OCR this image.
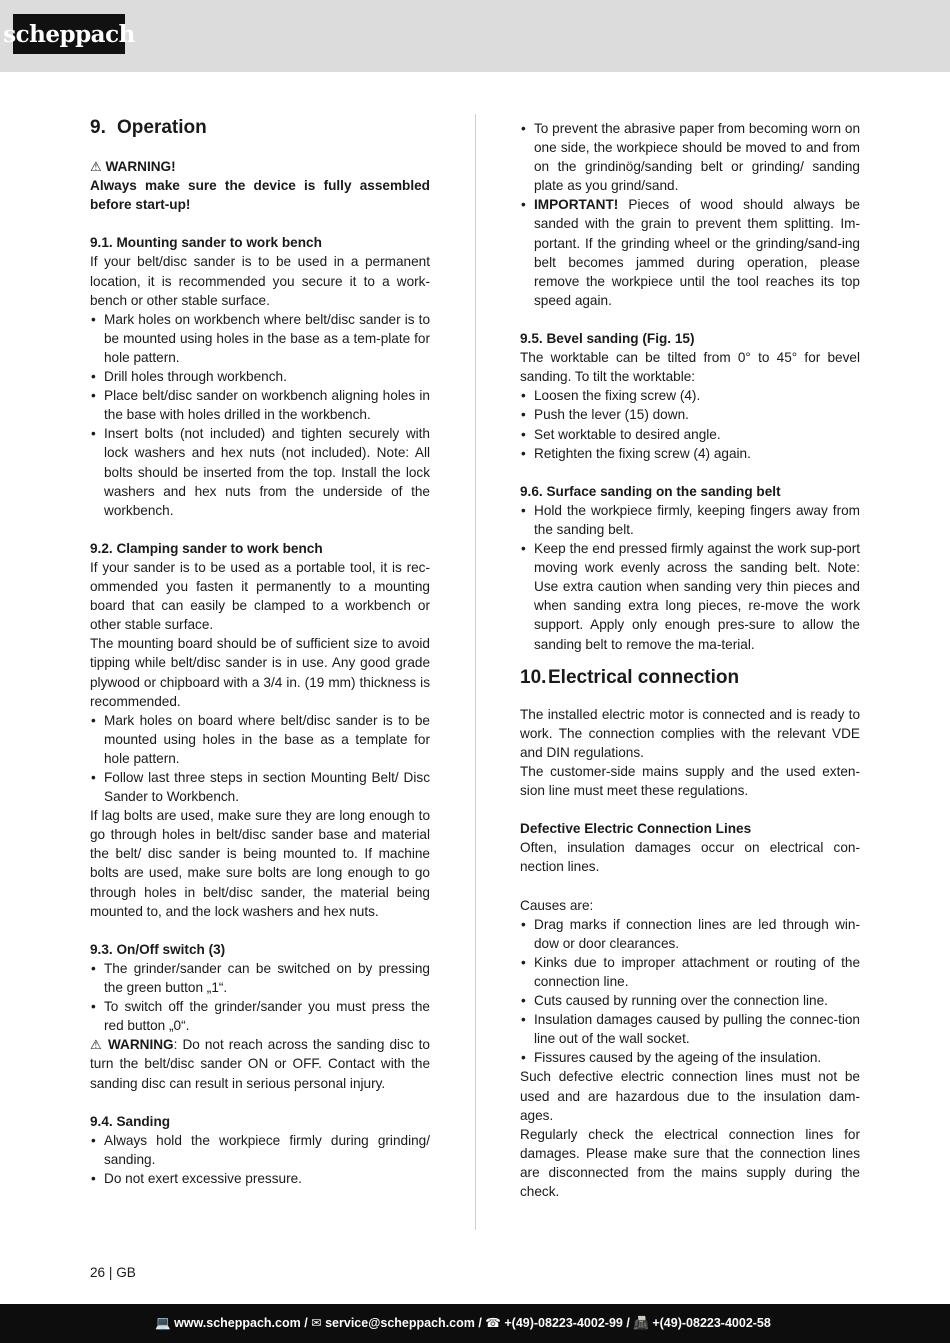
scheppach
9. Operation

⚠ WARNING!

Always make sure the device is fully assembled before start-up!

9.1. Mounting sander to work bench

If your belt/disc sander is to be used in a permanent location, it is recommended you secure it to a work-bench or other stable surface.

• Mark holes on workbench where belt/disc sander is to be mounted using holes in the base as a tem-plate for hole pattern.
• Drill holes through workbench.
• Place belt/disc sander on workbench aligning holes in the base with holes drilled in the workbench.
• Insert bolts (not included) and tighten securely with lock washers and hex nuts (not included). Note: All bolts should be inserted from the top. Install the lock washers and hex nuts from the underside of the workbench.

9.2. Clamping sander to work bench

If your sander is to be used as a portable tool, it is rec-ommended you fasten it permanently to a mounting board that can easily be clamped to a workbench or other stable surface.

The mounting board should be of sufficient size to avoid tipping while belt/disc sander is in use. Any good grade plywood or chipboard with a 3/4 in. (19 mm) thickness is recommended.

• Mark holes on board where belt/disc sander is to be mounted using holes in the base as a template for hole pattern.
• Follow last three steps in section Mounting Belt/ Disc Sander to Workbench.

If lag bolts are used, make sure they are long enough to go through holes in belt/disc sander base and material the belt/ disc sander is being mounted to. If machine bolts are used, make sure bolts are long enough to go through holes in belt/disc sander, the material being mounted to, and the lock washers and hex nuts.

9.3. On/Off switch (3)

• The grinder/sander can be switched on by pressing the green button „1“.
• To switch off the grinder/sander you must press the red button „0“.

⚠ WARNING: Do not reach across the sanding disc to turn the belt/disc sander ON or OFF. Contact with the sanding disc can result in serious personal injury.

9.4. Sanding

• Always hold the workpiece firmly during grinding/ sanding.
• Do not exert excessive pressure.
• To prevent the abrasive paper from becoming worn on one side, the workpiece should be moved to and from on the grindinög/sanding belt or grinding/ sanding plate as you grind/sand.
• IMPORTANT! Pieces of wood should always be sanded with the grain to prevent them splitting. Im-portant. If the grinding wheel or the grinding/sand-ing belt becomes jammed during operation, please remove the workpiece until the tool reaches its top speed again.

9.5. Bevel sanding (Fig. 15)

The worktable can be tilted from 0° to 45° for bevel sanding. To tilt the worktable:

• Loosen the fixing screw (4).
• Push the lever (15) down.
• Set worktable to desired angle.
• Retighten the fixing screw (4) again.

9.6. Surface sanding on the sanding belt

• Hold the workpiece firmly, keeping fingers away from the sanding belt.
• Keep the end pressed firmly against the work sup-port moving work evenly across the sanding belt. Note: Use extra caution when sanding very thin pieces and when sanding extra long pieces, re-move the work support. Apply only enough pres-sure to allow the sanding belt to remove the ma-terial.
10. Electrical connection

The installed electric motor is connected and is ready to work. The connection complies with the relevant VDE and DIN regulations.

The customer-side mains supply and the used exten-sion line must meet these regulations.

Defective Electric Connection Lines

Often, insulation damages occur on electrical con-nection lines.

Causes are:

• Drag marks if connection lines are led through win-dow or door clearances.
• Kinks due to improper attachment or routing of the connection line.
• Cuts caused by running over the connection line.
• Insulation damages caused by pulling the connec-tion line out of the wall socket.
• Fissures caused by the ageing of the insulation.

Such defective electric connection lines must not be used and are hazardous due to the insulation dam-ages.

Regularly check the electrical connection lines for damages. Please make sure that the connection lines are disconnected from the mains supply during the check.

26 | GB
💻 www.scheppach.com / ✉ service@scheppach.com / ☎ +(49)-08223-4002-99 / 📠 +(49)-08223-4002-58
